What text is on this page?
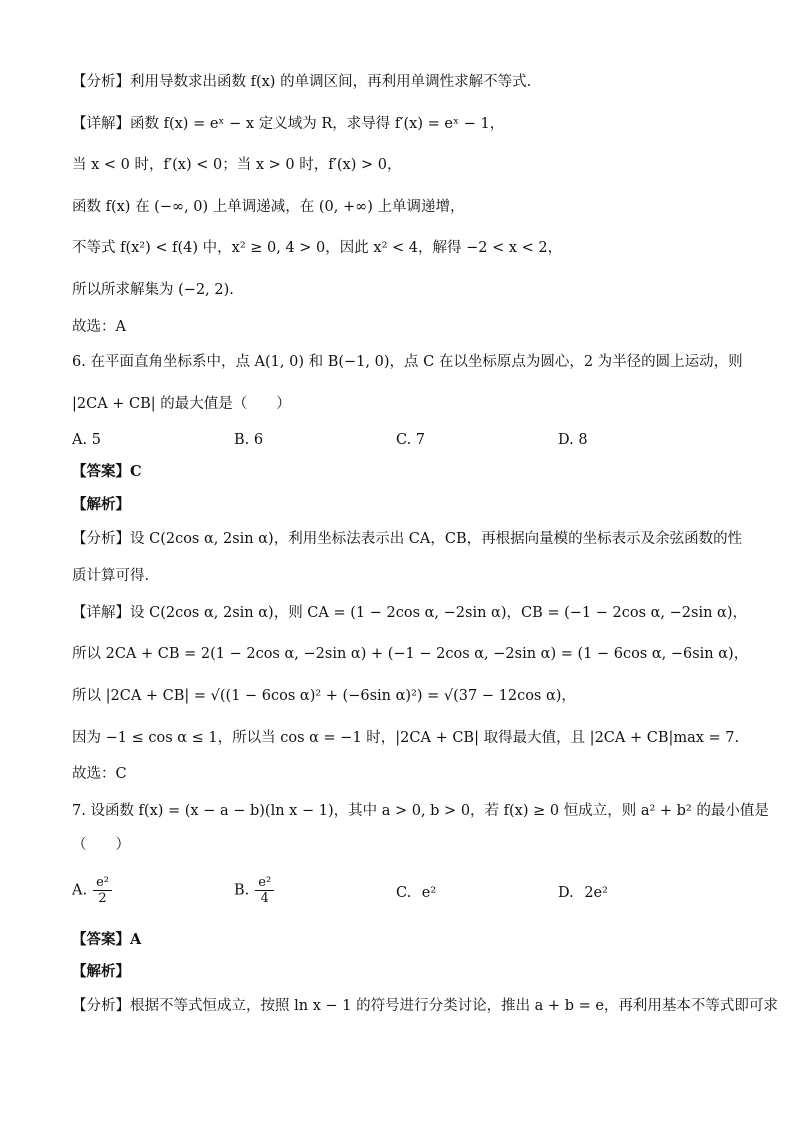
【分析】利用导数求出函数 f(x) 的单调区间，再利用单调性求解不等式.
【详解】函数 f(x) = eˣ − x 定义域为 R，求导得 f′(x) = eˣ − 1，
当 x < 0 时，f′(x) < 0；当 x > 0 时，f′(x) > 0，
函数 f(x) 在 (−∞, 0) 上单调递减，在 (0, +∞) 上单调递增，
不等式 f(x²) < f(4) 中，x² ≥ 0, 4 > 0，因此 x² < 4，解得 −2 < x < 2，
所以所求解集为 (−2, 2).
故选：A
6. 在平面直角坐标系中，点 A(1, 0) 和 B(−1, 0)，点 C 在以坐标原点为圆心，2 为半径的圆上运动，则
|2CA + CB| 的最大值是（　　）
A. 5	B. 6	C. 7	D. 8
【答案】C
【解析】
【分析】设 C(2cos α, 2sin α)，利用坐标法表示出 CA，CB，再根据向量模的坐标表示及余弦函数的性
质计算可得.
【详解】设 C(2cos α, 2sin α)，则 CA = (1 − 2cos α, −2sin α)，CB = (−1 − 2cos α, −2sin α)，
所以 2CA + CB = 2(1 − 2cos α, −2sin α) + (−1 − 2cos α, −2sin α) = (1 − 6cos α, −6sin α)，
所以 |2CA + CB| = √((1 − 6cos α)² + (−6sin α)²) = √(37 − 12cos α)，
因为 −1 ≤ cos α ≤ 1，所以当 cos α = −1 时，|2CA + CB| 取得最大值，且 |2CA + CB|max = 7.
故选：C
7. 设函数 f(x) = (x − a − b)(ln x − 1)，其中 a > 0, b > 0，若 f(x) ≥ 0 恒成立，则 a² + b² 的最小值是
（　　）
A. $\frac{\text{e²}}{2}$	B. $\frac{\text{e²}}{4}$	C. e²	D. 2e²
【答案】A
【解析】
【分析】根据不等式恒成立，按照 ln x − 1 的符号进行分类讨论，推出 a + b = e，再利用基本不等式即可求
